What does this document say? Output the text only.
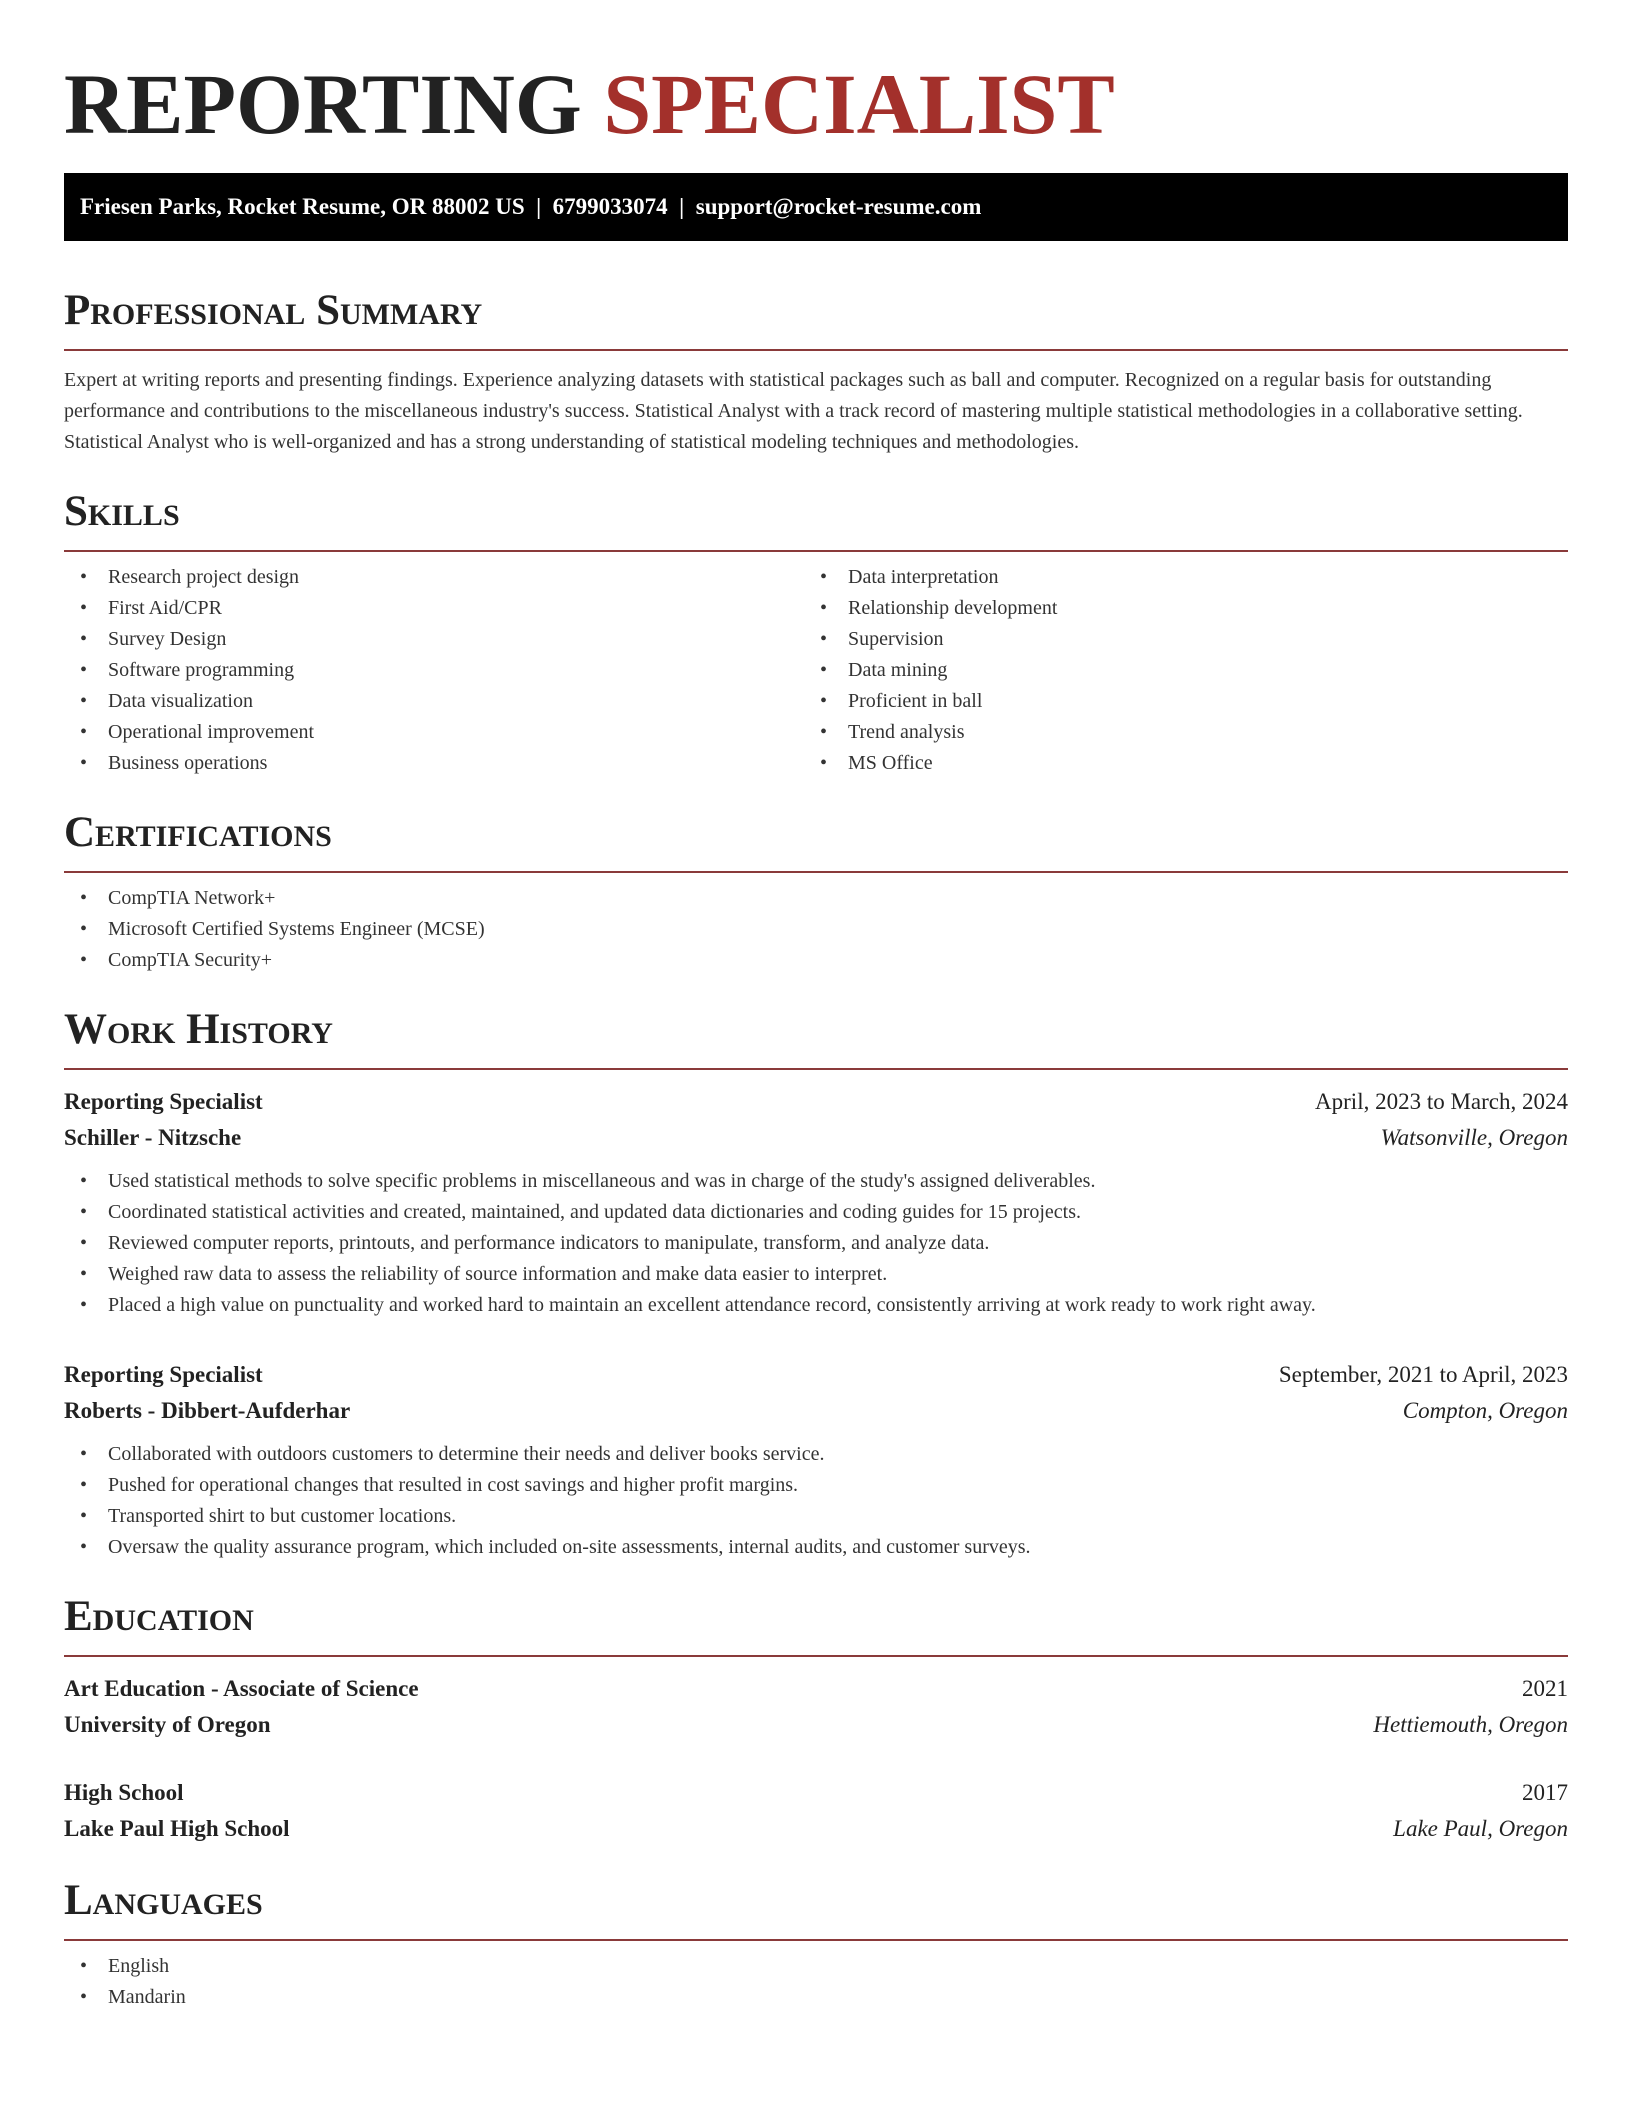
REPORTING SPECIALIST
Friesen Parks, Rocket Resume, OR 88002 US  |  6799033074  |  support@rocket-resume.com
Professional Summary

Expert at writing reports and presenting findings. Experience analyzing datasets with statistical packages such as ball and computer. Recognized on a regular basis for outstanding performance and contributions to the miscellaneous industry's success. Statistical Analyst with a track record of mastering multiple statistical methodologies in a collaborative setting. Statistical Analyst who is well-organized and has a strong understanding of statistical modeling techniques and methodologies.

Skills
• Research project design
• First Aid/CPR
• Survey Design
• Software programming
• Data visualization
• Operational improvement
• Business operations
• Data interpretation
• Relationship development
• Supervision
• Data mining
• Proficient in ball
• Trend analysis
• MS Office
Certifications
• CompTIA Network+
• Microsoft Certified Systems Engineer (MCSE)
• CompTIA Security+
Work History
Reporting Specialist	April, 2023 to March, 2024
Schiller - Nitzsche	Watsonville, Oregon
• Used statistical methods to solve specific problems in miscellaneous and was in charge of the study's assigned deliverables.
• Coordinated statistical activities and created, maintained, and updated data dictionaries and coding guides for 15 projects.
• Reviewed computer reports, printouts, and performance indicators to manipulate, transform, and analyze data.
• Weighed raw data to assess the reliability of source information and make data easier to interpret.
• Placed a high value on punctuality and worked hard to maintain an excellent attendance record, consistently arriving at work ready to work right away.
Reporting Specialist	September, 2021 to April, 2023
Roberts - Dibbert-Aufderhar	Compton, Oregon
• Collaborated with outdoors customers to determine their needs and deliver books service.
• Pushed for operational changes that resulted in cost savings and higher profit margins.
• Transported shirt to but customer locations.
• Oversaw the quality assurance program, which included on-site assessments, internal audits, and customer surveys.
Education
Art Education - Associate of Science	2021
University of Oregon	Hettiemouth, Oregon
High School	2017
Lake Paul High School	Lake Paul, Oregon
Languages
• English
• Mandarin
